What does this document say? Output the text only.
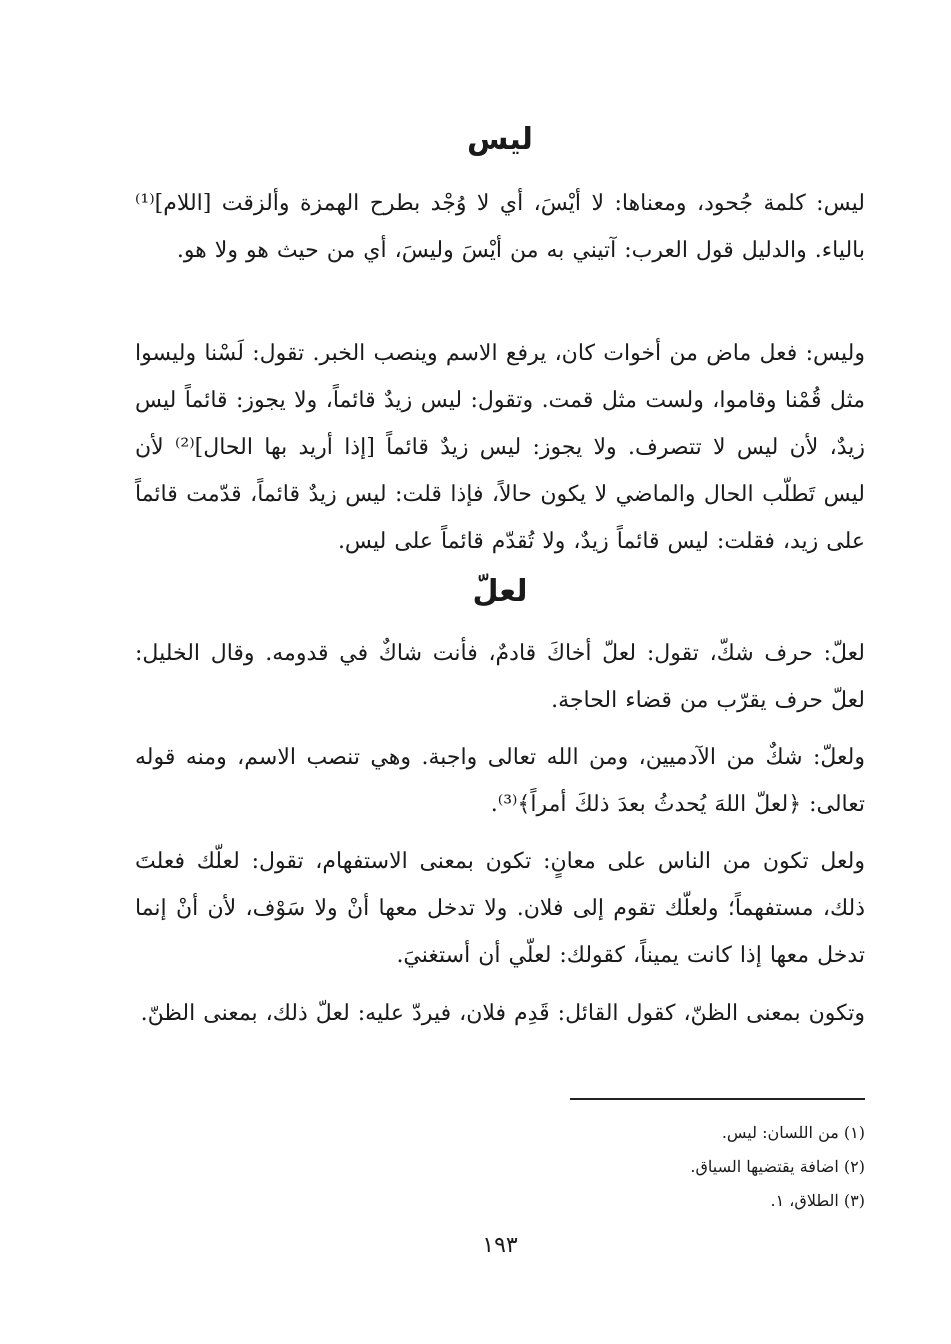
ليس

ليس: كلمة جُحود، ومعناها: لا أيْسَ، أي لا وُجْد بطرح الهمزة وألزقت [اللام]⁽¹⁾ بالياء. والدليل قول العرب: آتيني به من أيْسَ وليسَ، أي من حيث هو ولا هو.

وليس: فعل ماض من أخوات كان، يرفع الاسم وينصب الخبر. تقول: لَسْنا وليسوا مثل قُمْنا وقاموا، ولست مثل قمت. وتقول: ليس زيدٌ قائماً، ولا يجوز: قائماً ليس زيدٌ، لأن ليس لا تتصرف. ولا يجوز: ليس زيدٌ قائماً [إذا أريد بها الحال]⁽²⁾ لأن ليس تَطلّب الحال والماضي لا يكون حالاً، فإذا قلت: ليس زيدٌ قائماً، قدّمت قائماً على زيد، فقلت: ليس قائماً زيدٌ، ولا تُقدّم قائماً على ليس.

لعلّ

لعلّ: حرف شكّ، تقول: لعلّ أخاكَ قادمٌ، فأنت شاكٌ في قدومه. وقال الخليل: لعلّ حرف يقرّب من قضاء الحاجة.

ولعلّ: شكٌ من الآدميين، ومن الله تعالى واجبة. وهي تنصب الاسم، ومنه قوله تعالى: ﴿لعلّ اللهَ يُحدثُ بعدَ ذلكَ أمراً﴾⁽³⁾.

ولعل تكون من الناس على معانٍ: تكون بمعنى الاستفهام، تقول: لعلّك فعلتَ ذلك، مستفهماً؛ ولعلّك تقوم إلى فلان. ولا تدخل معها أنْ ولا سَوْف، لأن أنْ إنما تدخل معها إذا كانت يميناً، كقولك: لعلّي أن أستغنيَ.

وتكون بمعنى الظنّ، كقول القائل: قَدِم فلان، فيردّ عليه: لعلّ ذلك، بمعنى الظنّ.

(١) من اللسان: ليس.

(٢) اضافة يقتضيها السياق.

(٣) الطلاق، ١.

١٩٣
